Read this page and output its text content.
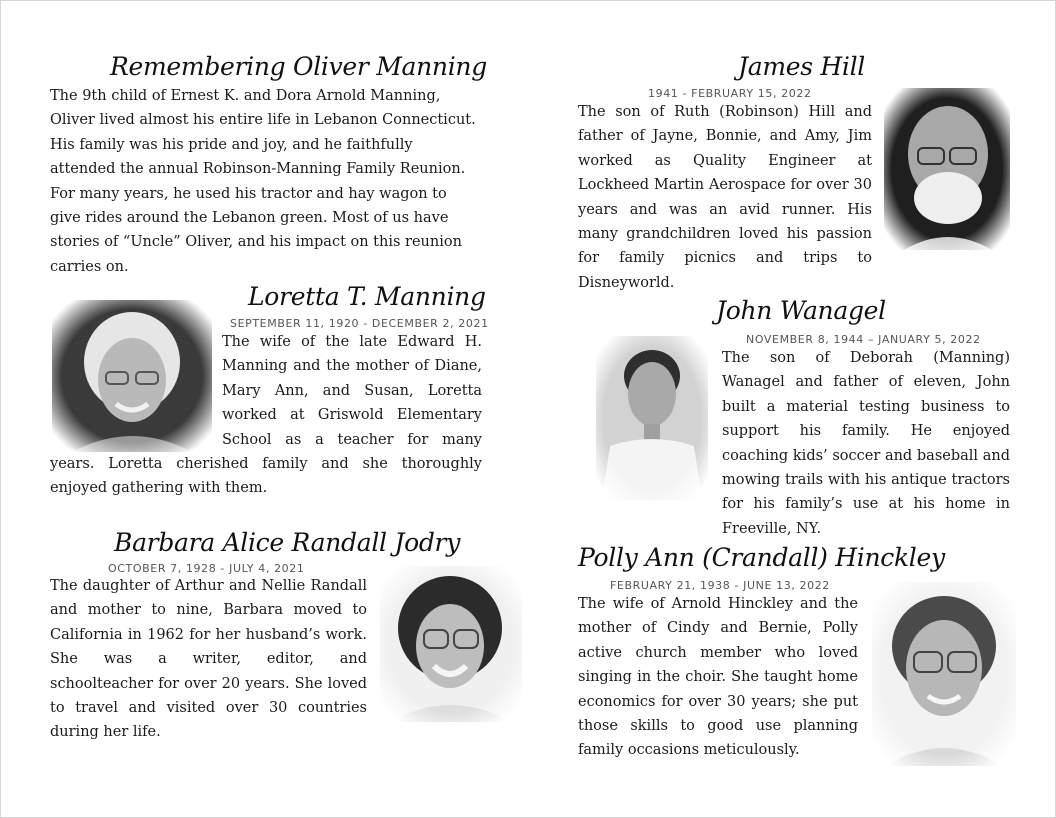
Remembering Oliver Manning

The 9th child of Ernest K. and Dora Arnold Manning, Oliver lived almost his entire life in Lebanon Connecticut. His family was his pride and joy, and he faithfully attended the annual Robinson-Manning Family Reunion. For many years, he used his tractor and hay wagon to give rides around the Lebanon green. Most of us have stories of “Uncle” Oliver, and his impact on this reunion carries on.

Loretta T. Manning
SEPTEMBER 11, 1920 - DECEMBER 2, 2021

The wife of the late Edward H. Manning and the mother of Diane, Mary Ann, and Susan, Loretta worked at Griswold Elementary School as a teacher for many years. Loretta cherished family and she thoroughly enjoyed gathering with them.

Barbara Alice Randall Jodry
OCTOBER 7, 1928 - JULY 4, 2021

The daughter of Arthur and Nellie Randall and mother to nine, Barbara moved to California in 1962 for her husband’s work. She was a writer, editor, and schoolteacher for over 20 years. She loved to travel and visited over 30 countries during her life.

James Hill
1941 - FEBRUARY 15, 2022

The son of Ruth (Robinson) Hill and father of Jayne, Bonnie, and Amy, Jim worked as Quality Engineer at Lockheed Martin Aerospace for over 30 years and was an avid runner. His many grandchildren loved his passion for family picnics and trips to Disneyworld.

John Wanagel
NOVEMBER 8, 1944 – JANUARY 5, 2022

The son of Deborah (Manning) Wanagel and father of eleven, John built a material testing business to support his family. He enjoyed coaching kids’ soccer and baseball and mowing trails with his antique tractors for his family’s use at his home in Freeville, NY.

Polly Ann (Crandall) Hinckley
FEBRUARY 21, 1938 - JUNE 13, 2022

The wife of Arnold Hinckley and the mother of Cindy and Bernie, Polly active church member who loved singing in the choir. She taught home economics for over 30 years; she put those skills to good use planning family occasions meticulously.
